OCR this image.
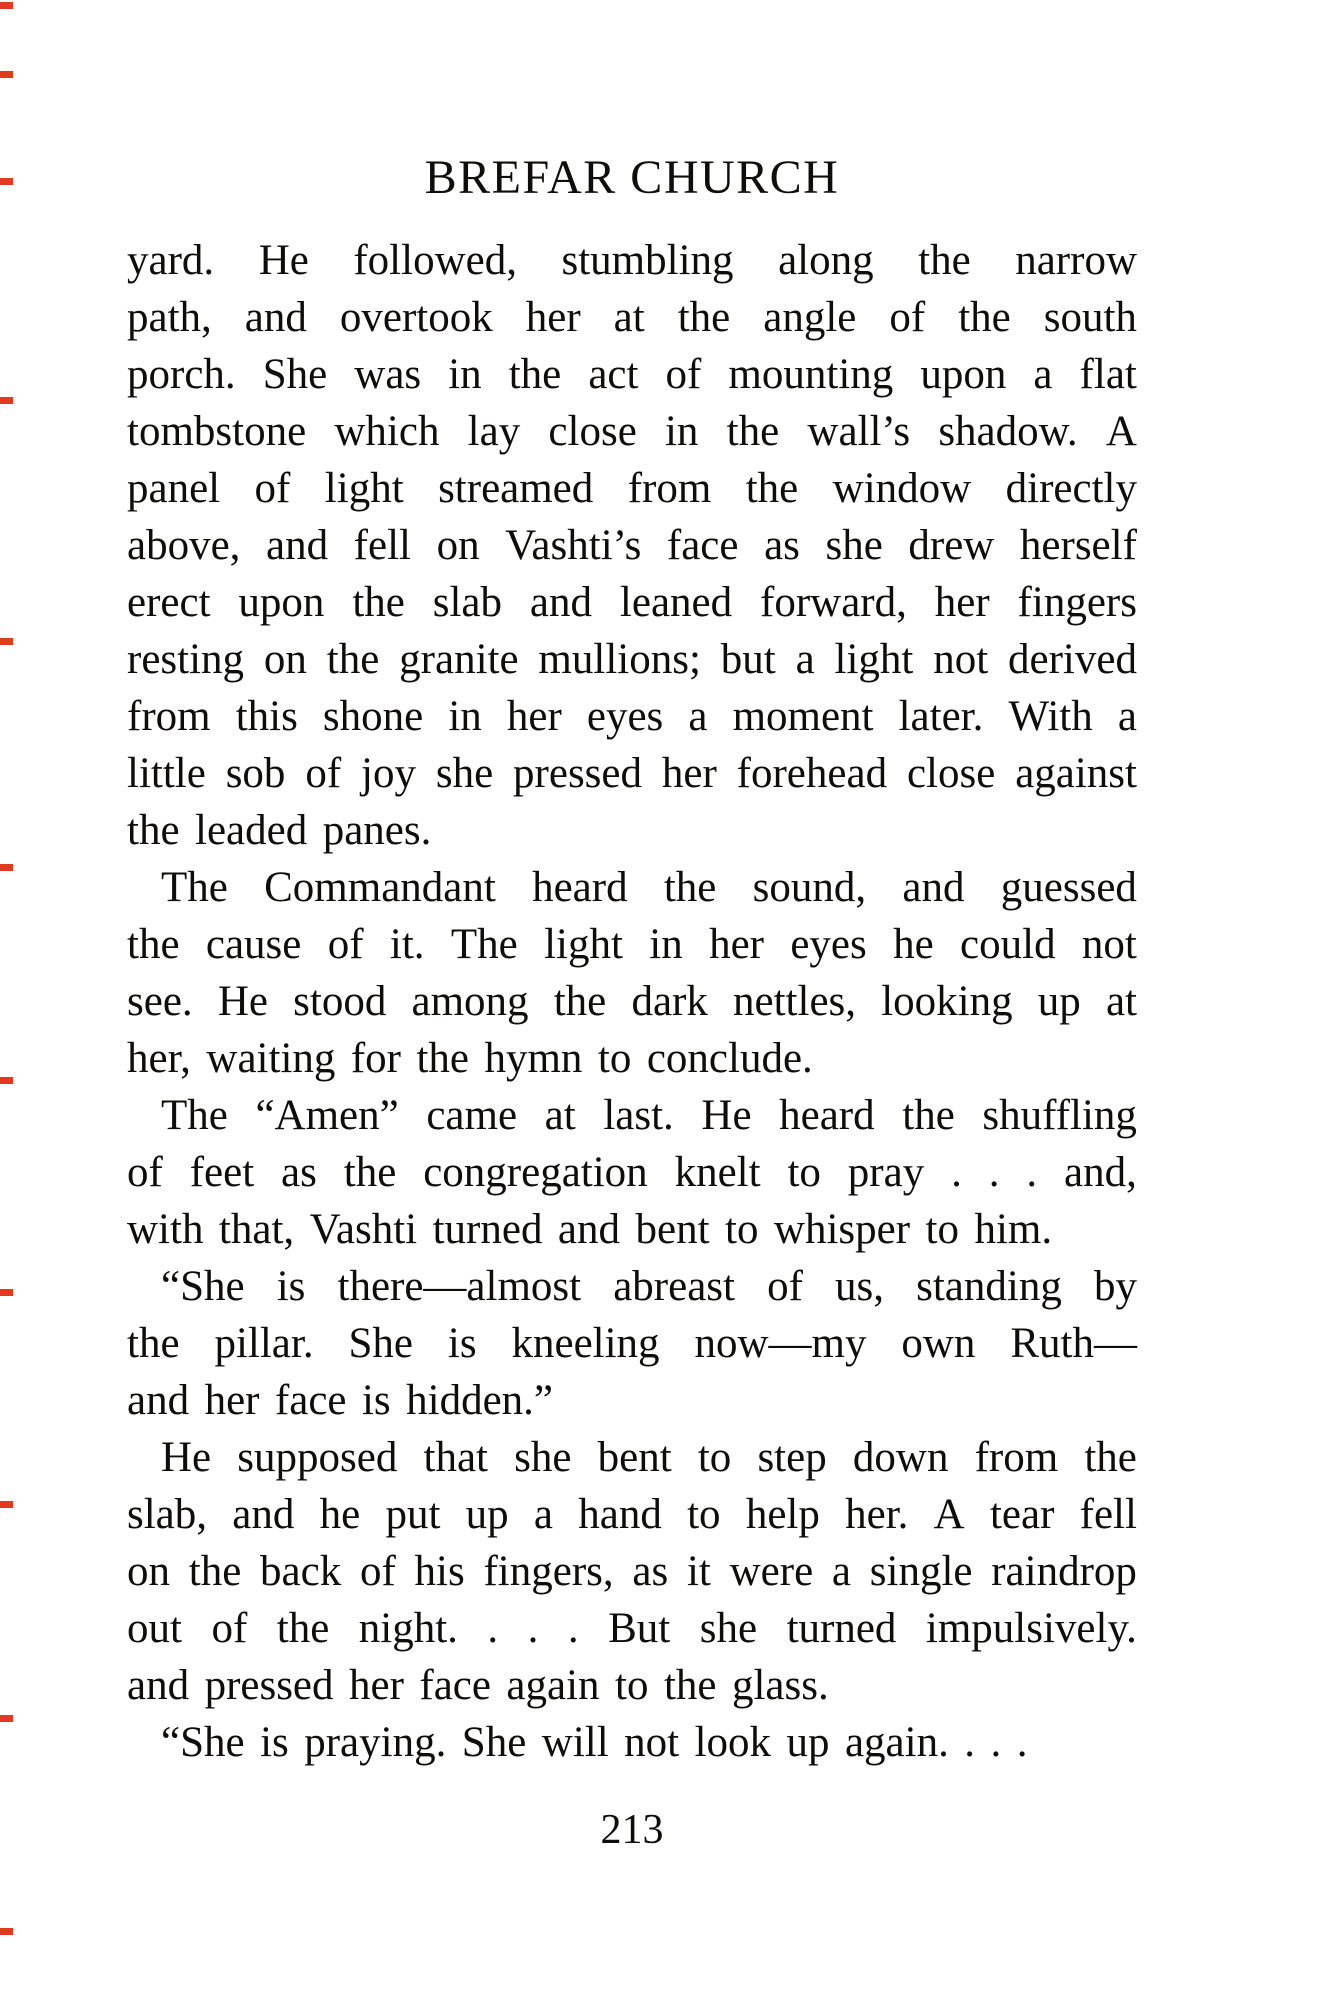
BREFAR CHURCH
yard. He followed, stumbling along the narrow
path, and overtook her at the angle of the south
porch. She was in the act of mounting upon a flat
tombstone which lay close in the wall’s shadow. A
panel of light streamed from the window directly
above, and fell on Vashti’s face as she drew herself
erect upon the slab and leaned forward, her fingers
resting on the granite mullions; but a light not derived
from this shone in her eyes a moment later. With a
little sob of joy she pressed her forehead close against
the leaded panes.
The Commandant heard the sound, and guessed
the cause of it. The light in her eyes he could not
see. He stood among the dark nettles, looking up at
her, waiting for the hymn to conclude.
The “Amen” came at last. He heard the shuffling
of feet as the congregation knelt to pray . . . and,
with that, Vashti turned and bent to whisper to him.
“She is there—almost abreast of us, standing by
the pillar. She is kneeling now—my own Ruth—
and her face is hidden.”
He supposed that she bent to step down from the
slab, and he put up a hand to help her. A tear fell
on the back of his fingers, as it were a single raindrop
out of the night. . . . But she turned impulsively.
and pressed her face again to the glass.
“She is praying. She will not look up again. . . .
213
